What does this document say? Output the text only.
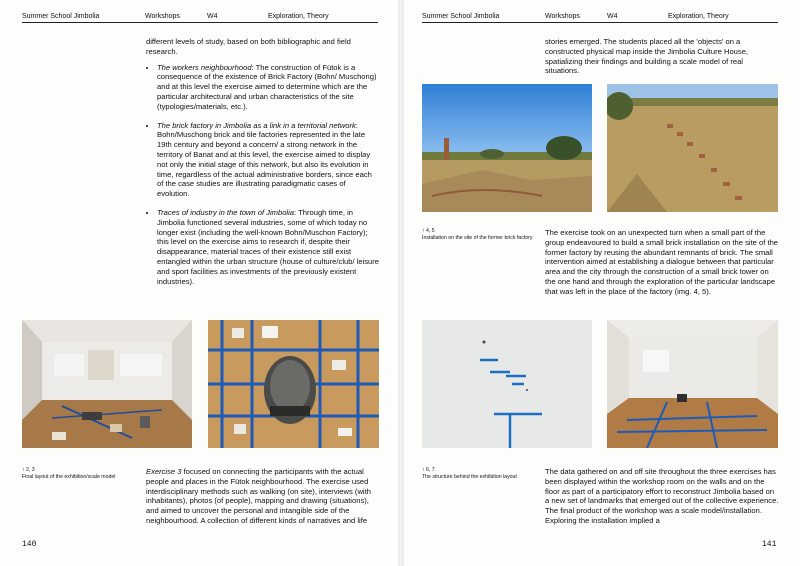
Summer School Jimbolia	Workshops	W4	Exploration, Theory

different levels of study, based on both bibliographic and field research.

• The workers neighbourhood: The construction of Fütok is a consequence of the existence of Brick Factory (Bohn/ Muschong) and at this level the exercise aimed to determine which are the particular architectural and urban characteristics of the site (typologies/materials, etc.).
• The brick factory in Jimbolia as a link in a territorial network: Bohn/Muschong brick and tile factories represented in the late 19th century and beyond a concern/ a strong network in the territory of Banat and at this level, the exercise aimed to display not only the initial stage of this network, but also its evolution in time, regardless of the actual administrative borders, since each of the case studies are illustrating paradigmatic cases of evolution.
• Traces of industry in the town of Jimbolia: Through time, in Jimbolia functioned several industries, some of which today no longer exist (including the well-known Bohn/Muschon Factory); this level on the exercise aims to research if, despite their disappearance, material traces of their existence still exist entangled within the urban structure (house of culture/club/ leisure and sport facilities as investments of the previously existent industries).
↑ 2, 3
Final layout of the exhibition/scale model

Exercise 3 focused on connecting the participants with the actual people and places in the Fütok neighbourhood. The exercise used interdisciplinary methods such as walking (on site), interviews (with inhabitants), photos (of people), mapping and drawing (situations), and aimed to uncover the personal and intangible side of the neighbourhood. A collection of different kinds of narratives and life

140
Summer School Jimbolia	Workshops	W4	Exploration, Theory

stories emerged. The students placed all the 'objects' on a constructed physical map inside the Jimbolia Culture House, spatializing their findings and building a scale model of real situations.

↑ 4, 5
Installation on the site of the former brick factory

The exercise took on an unexpected turn when a small part of the group endeavoured to build a small brick installation on the site of the former factory by reusing the abundant remnants of brick. The small intervention aimed at establishing a dialogue between that particular area and the city through the construction of a small brick tower on the one hand and through the exploration of the particular landscape that was left in the place of the factory (img. 4, 5).

↑ 6, 7
The structure behind the exhibition layout

The data gathered on and off site throughout the three exercises has been displayed within the workshop room on the walls and on the floor as part of a participatory effort to reconstruct Jimbolia based on a new set of landmarks that emerged out of the collective experience. The final product of the workshop was a scale model/installation. Exploring the installation implied a

141
